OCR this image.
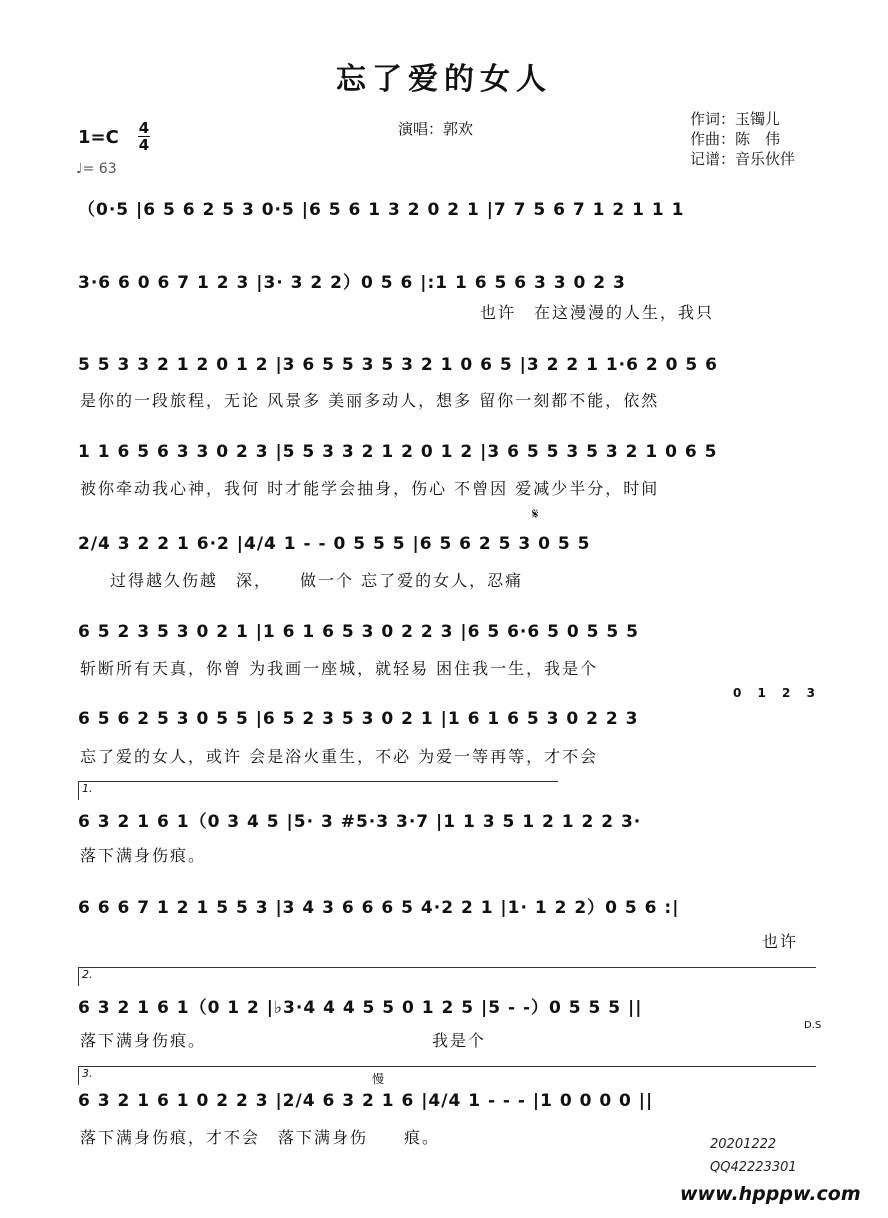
忘了爱的女人
演唱：郭欢
作词：玉镯儿
作曲：陈　伟
记谱：音乐伙伴
1=C 4
4
♩= 63
（0·5 |6 5 6 2 5 3 0·5 |6 5 6 1 3 2 0 2 1 |7 7 5 6 7 1 2 1 1 1
3·6 6 0 6 7 1 2 3 |3· 3 2 2）0 5 6 |:1 1 6 5 6 3 3 0 2 3
也许　在这漫漫的人生，我只
5 5 3 3 2 1 2 0 1 2 |3 6 5 5 3 5 3 2 1 0 6 5 |3 2 2 1 1·6 2 0 5 6
是你的一段旅程，无论 风景多 美丽多动人，想多 留你一刻都不能，依然
1 1 6 5 6 3 3 0 2 3 |5 5 3 3 2 1 2 0 1 2 |3 6 5 5 3 5 3 2 1 0 6 5
被你牵动我心神，我何 时才能学会抽身，伤心 不曾因 爱减少半分，时间
𝄋
2/4 3 2 2 1 6·2 |4/4 1 - - 0 5 5 5 |6 5 6 2 5 3 0 5 5
过得越久伤越　深，　　做一个 忘了爱的女人，忍痛
6 5 2 3 5 3 0 2 1 |1 6 1 6 5 3 0 2 2 3 |6 5 6·6 5 0 5 5 5
斩断所有天真，你曾 为我画一座城，就轻易 困住我一生，我是个
0 1 2 3
6 5 6 2 5 3 0 5 5 |6 5 2 3 5 3 0 2 1 |1 6 1 6 5 3 0 2 2 3
忘了爱的女人，或许 会是浴火重生，不必 为爱一等再等，才不会
1.
6 3 2 1 6 1（0 3 4 5 |5· 3 #5·3 3·7 |1 1 3 5 1 2 1 2 2 3·
落下满身伤痕。
6 6 6 7 1 2 1 5 5 3 |3 4 3 6 6 6 5 4·2 2 1 |1· 1 2 2）0 5 6 :|
也许
2.
6 3 2 1 6 1（0 1 2 |♭3·4 4 4 5 5 0 1 2 5 |5 - -）0 5 5 5 ||
D.S
落下满身伤痕。　　　　　　　　　　　　　我是个
3.	慢
6 3 2 1 6 1 0 2 2 3 |2/4 6 3 2 1 6 |4/4 1 - - - |1 0 0 0 0 ||
落下满身伤痕，才不会　落下满身伤　　痕。	20201222
QQ42223301
www.hpppw.com
